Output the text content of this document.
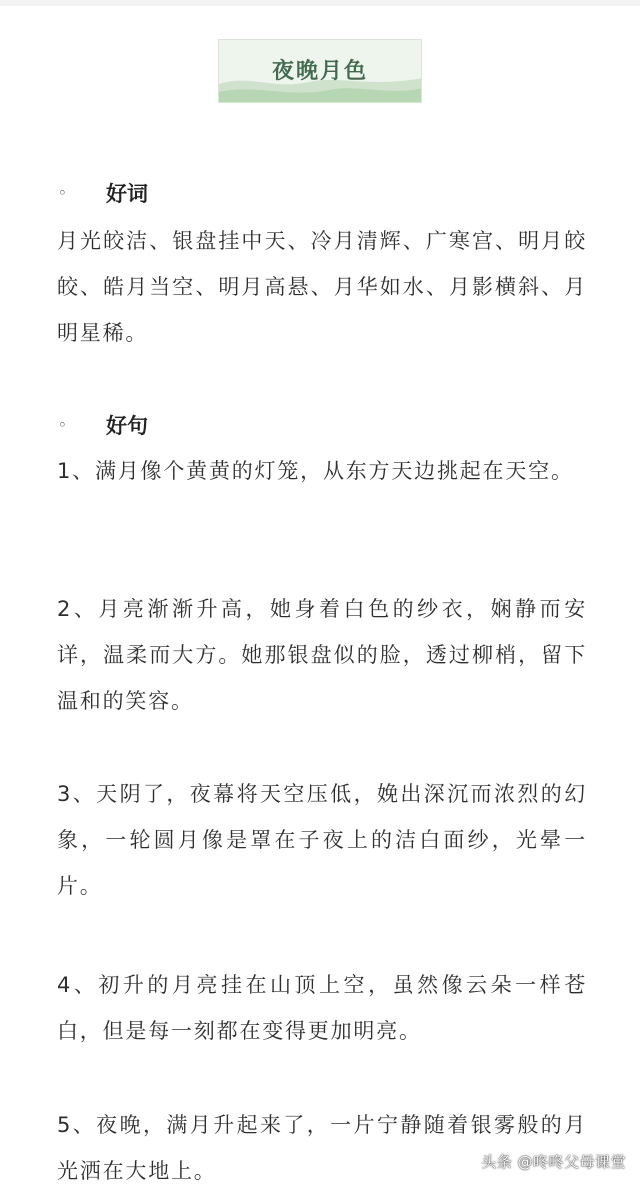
夜晚月色
◦	好词
月光皎洁、银盘挂中天、冷月清辉、广寒宫、明月皎皎、皓月当空、明月高悬、月华如水、月影横斜、月明星稀。
◦	好句
1、满月像个黄黄的灯笼，从东方天边挑起在天空。
2、月亮渐渐升高，她身着白色的纱衣，娴静而安详，温柔而大方。她那银盘似的脸，透过柳梢，留下温和的笑容。
3、天阴了，夜幕将天空压低，娩出深沉而浓烈的幻象，一轮圆月像是罩在子夜上的洁白面纱，光晕一片。
4、初升的月亮挂在山顶上空，虽然像云朵一样苍白，但是每一刻都在变得更加明亮。
5、夜晚，满月升起来了，一片宁静随着银雾般的月光洒在大地上。	头条 @咚咚父母课堂
